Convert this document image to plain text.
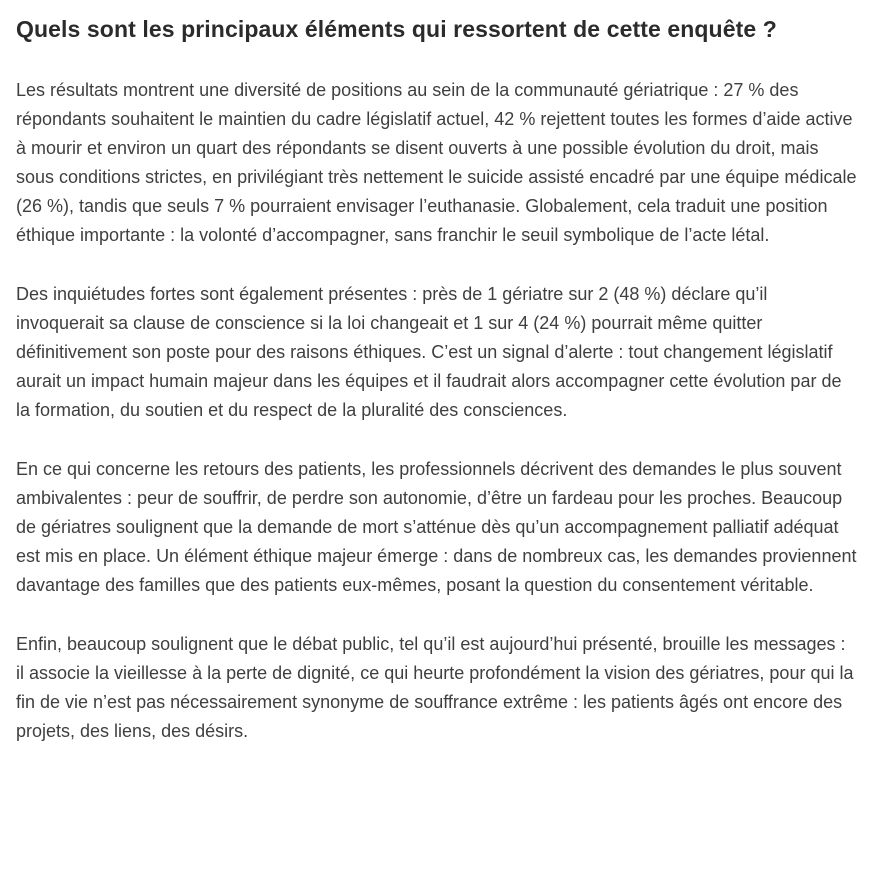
Quels sont les principaux éléments qui ressortent de cette enquête ?

Les résultats montrent une diversité de positions au sein de la communauté gériatrique : 27 % des répondants souhaitent le maintien du cadre législatif actuel, 42 % rejettent toutes les formes d’aide active à mourir et environ un quart des répondants se disent ouverts à une possible évolution du droit, mais sous conditions strictes, en privilégiant très nettement le suicide assisté encadré par une équipe médicale (26 %), tandis que seuls 7 % pourraient envisager l’euthanasie. Globalement, cela traduit une position éthique importante : la volonté d’accompagner, sans franchir le seuil symbolique de l’acte létal.

Des inquiétudes fortes sont également présentes : près de 1 gériatre sur 2 (48 %) déclare qu’il invoquerait sa clause de conscience si la loi changeait et 1 sur 4 (24 %) pourrait même quitter définitivement son poste pour des raisons éthiques. C’est un signal d’alerte : tout changement législatif aurait un impact humain majeur dans les équipes et il faudrait alors accompagner cette évolution par de la formation, du soutien et du respect de la pluralité des consciences.

En ce qui concerne les retours des patients, les professionnels décrivent des demandes le plus souvent ambivalentes : peur de souffrir, de perdre son autonomie, d’être un fardeau pour les proches. Beaucoup de gériatres soulignent que la demande de mort s’atténue dès qu’un accompagnement palliatif adéquat est mis en place. Un élément éthique majeur émerge : dans de nombreux cas, les demandes proviennent davantage des familles que des patients eux-mêmes, posant la question du consentement véritable.

Enfin, beaucoup soulignent que le débat public, tel qu’il est aujourd’hui présenté, brouille les messages : il associe la vieillesse à la perte de dignité, ce qui heurte profondément la vision des gériatres, pour qui la fin de vie n’est pas nécessairement synonyme de souffrance extrême : les patients âgés ont encore des projets, des liens, des désirs.
